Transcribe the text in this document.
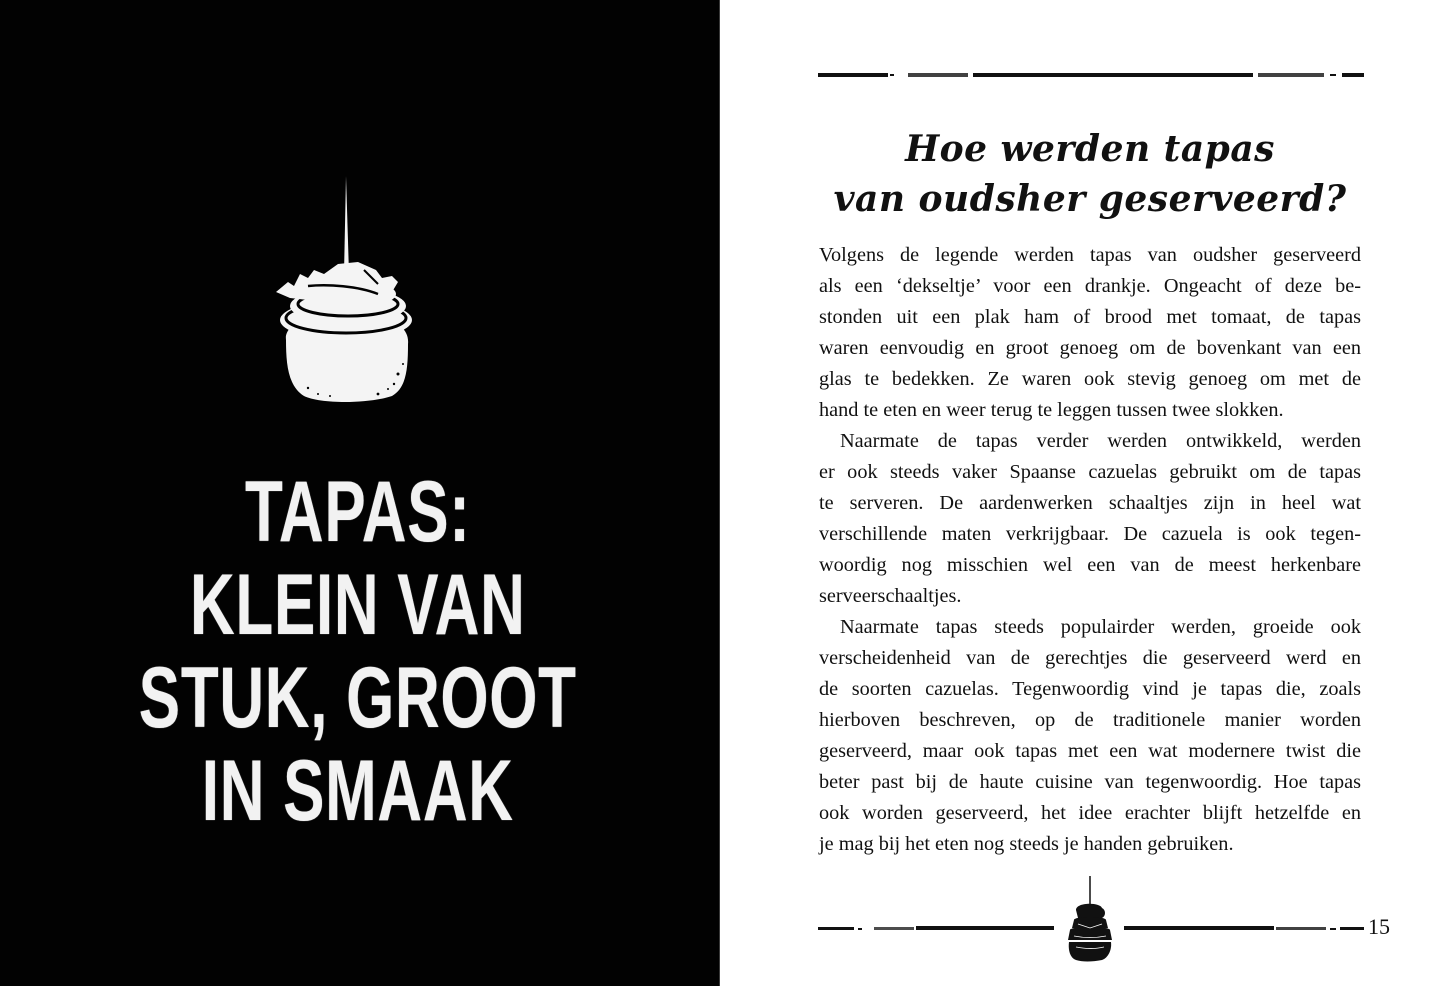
TAPAS:
KLEIN VAN
STUK, GROOT
IN SMAAK
Hoe werden tapas
van oudsher geserveerd?
Volgens de legende werden tapas van oudsher geserveerd
als een ‘dekseltje’ voor een drankje. Ongeacht of deze be-
stonden uit een plak ham of brood met tomaat, de tapas
waren eenvoudig en groot genoeg om de bovenkant van een
glas te bedekken. Ze waren ook stevig genoeg om met de
hand te eten en weer terug te leggen tussen twee slokken.
Naarmate de tapas verder werden ontwikkeld, werden
er ook steeds vaker Spaanse cazuelas gebruikt om de tapas
te serveren. De aardenwerken schaaltjes zijn in heel wat
verschillende maten verkrijgbaar. De cazuela is ook tegen-
woordig nog misschien wel een van de meest herkenbare
serveerschaaltjes.
Naarmate tapas steeds populairder werden, groeide ook
verscheidenheid van de gerechtjes die geserveerd werd en
de soorten cazuelas. Tegenwoordig vind je tapas die, zoals
hierboven beschreven, op de traditionele manier worden
geserveerd, maar ook tapas met een wat modernere twist die
beter past bij de haute cuisine van tegenwoordig. Hoe tapas
ook worden geserveerd, het idee erachter blijft hetzelfde en
je mag bij het eten nog steeds je handen gebruiken.
15
